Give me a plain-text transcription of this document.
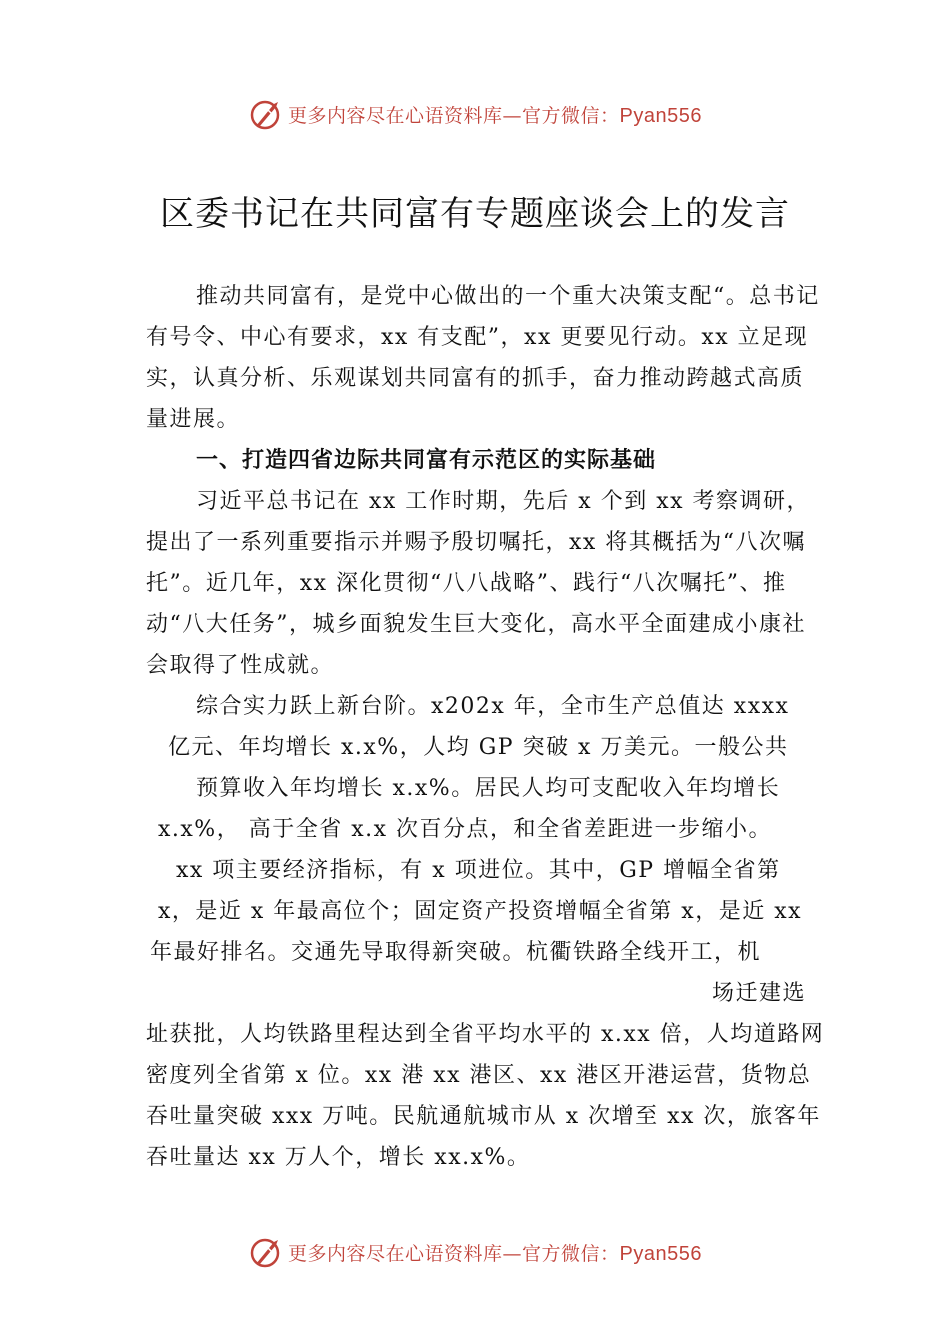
更多内容尽在心语资料库—官方微信：Pyan556
区委书记在共同富有专题座谈会上的发言

推动共同富有，是党中心做出的一个重大决策支配“。总书记有号令、中心有要求，xx 有支配”，xx 更要见行动。xx 立足现实，认真分析、乐观谋划共同富有的抓手，奋力推动跨越式高质量进展。

一、打造四省边际共同富有示范区的实际基础

习近平总书记在 xx 工作时期，先后 x 个到 xx 考察调研，提出了一系列重要指示并赐予殷切嘱托，xx 将其概括为“八次嘱托”。近几年，xx 深化贯彻“八八战略”、践行“八次嘱托”、推动“八大任务”，城乡面貌发生巨大变化，高水平全面建成小康社会取得了性成就。

综合实力跃上新台阶。x202x 年，全市生产总值达 xxxx

亿元、年均增长 x.x%，人均 GP 突破 x 万美元。一般公共

预算收入年均增长 x.x%。居民人均可支配收入年均增长

x.x%， 高于全省 x.x 次百分点，和全省差距进一步缩小。

xx 项主要经济指标，有 x 项进位。其中，GP 增幅全省第

x，是近 x 年最高位个；固定资产投资增幅全省第 x，是近 xx

年最好排名。交通先导取得新突破。杭衢铁路全线开工，机

场迁建选

址获批，人均铁路里程达到全省平均水平的 x.xx 倍，人均道路网密度列全省第 x 位。xx 港 xx 港区、xx 港区开港运营，货物总吞吐量突破 xxx 万吨。民航通航城市从 x 次增至 xx 次，旅客年吞吐量达 xx 万人个，增长 xx.x%。

更多内容尽在心语资料库—官方微信：Pyan556
